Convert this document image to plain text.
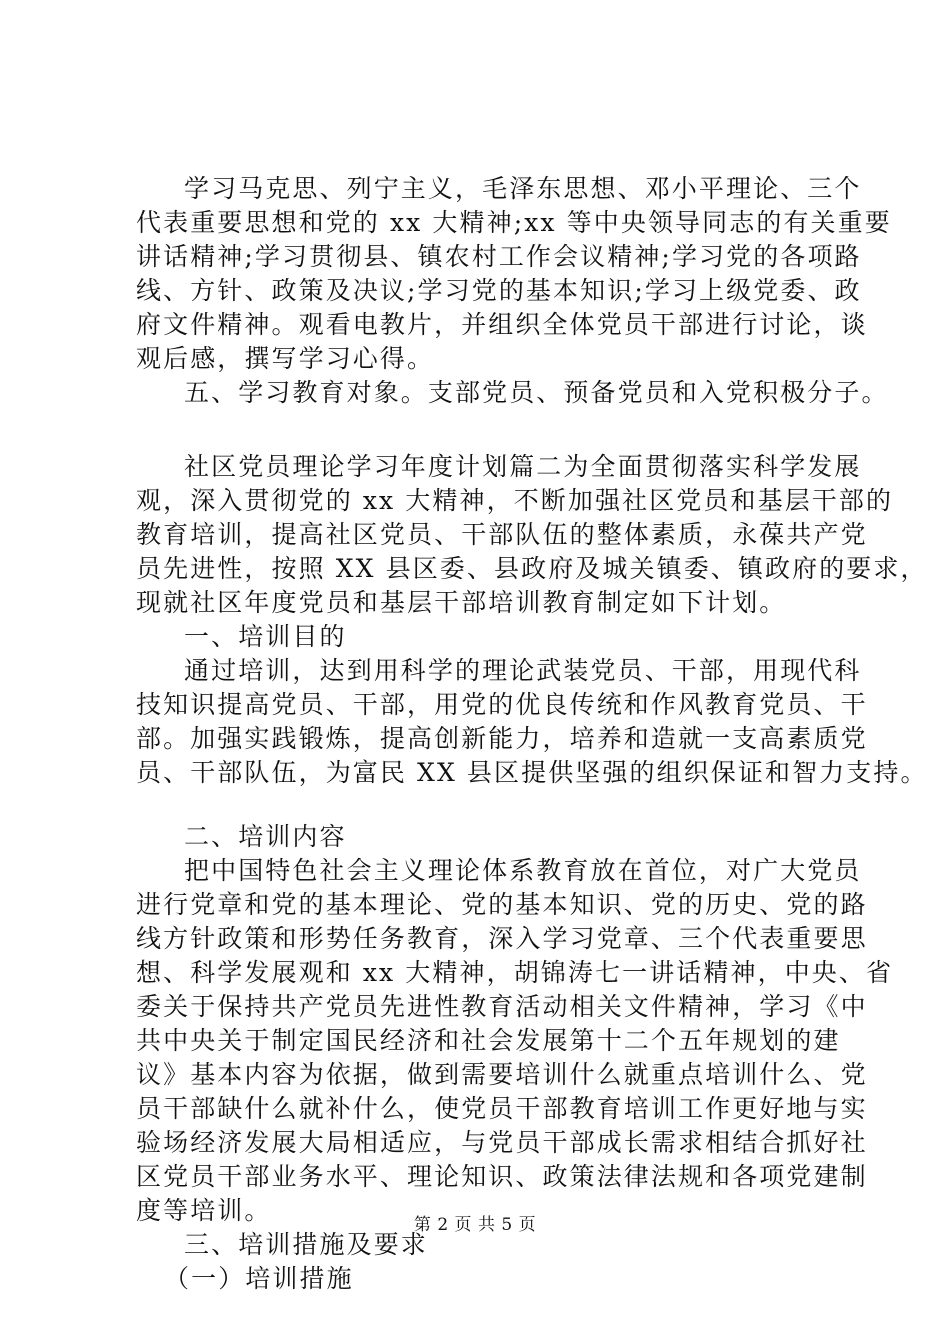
学习马克思、列宁主义，毛泽东思想、邓小平理论、三个
代表重要思想和党的 xx 大精神;xx 等中央领导同志的有关重要
讲话精神;学习贯彻县、镇农村工作会议精神;学习党的各项路
线、方针、政策及决议;学习党的基本知识;学习上级党委、政
府文件精神。观看电教片，并组织全体党员干部进行讨论，谈
观后感，撰写学习心得。
五、学习教育对象。支部党员、预备党员和入党积极分子。
社区党员理论学习年度计划篇二为全面贯彻落实科学发展
观，深入贯彻党的 xx 大精神，不断加强社区党员和基层干部的
教育培训，提高社区党员、干部队伍的整体素质，永葆共产党
员先进性，按照 XX 县区委、县政府及城关镇委、镇政府的要求，
现就社区年度党员和基层干部培训教育制定如下计划。
一、培训目的
通过培训，达到用科学的理论武装党员、干部，用现代科
技知识提高党员、干部，用党的优良传统和作风教育党员、干
部。加强实践锻炼，提高创新能力，培养和造就一支高素质党
员、干部队伍，为富民 XX 县区提供坚强的组织保证和智力支持。
二、培训内容
把中国特色社会主义理论体系教育放在首位，对广大党员
进行党章和党的基本理论、党的基本知识、党的历史、党的路
线方针政策和形势任务教育，深入学习党章、三个代表重要思
想、科学发展观和 xx 大精神，胡锦涛七一讲话精神，中央、省
委关于保持共产党员先进性教育活动相关文件精神，学习《中
共中央关于制定国民经济和社会发展第十二个五年规划的建
议》基本内容为依据，做到需要培训什么就重点培训什么、党
员干部缺什么就补什么，使党员干部教育培训工作更好地与实
验场经济发展大局相适应，与党员干部成长需求相结合抓好社
区党员干部业务水平、理论知识、政策法律法规和各项党建制
度等培训。
三、培训措施及要求
（一）培训措施
第 2 页 共 5 页
